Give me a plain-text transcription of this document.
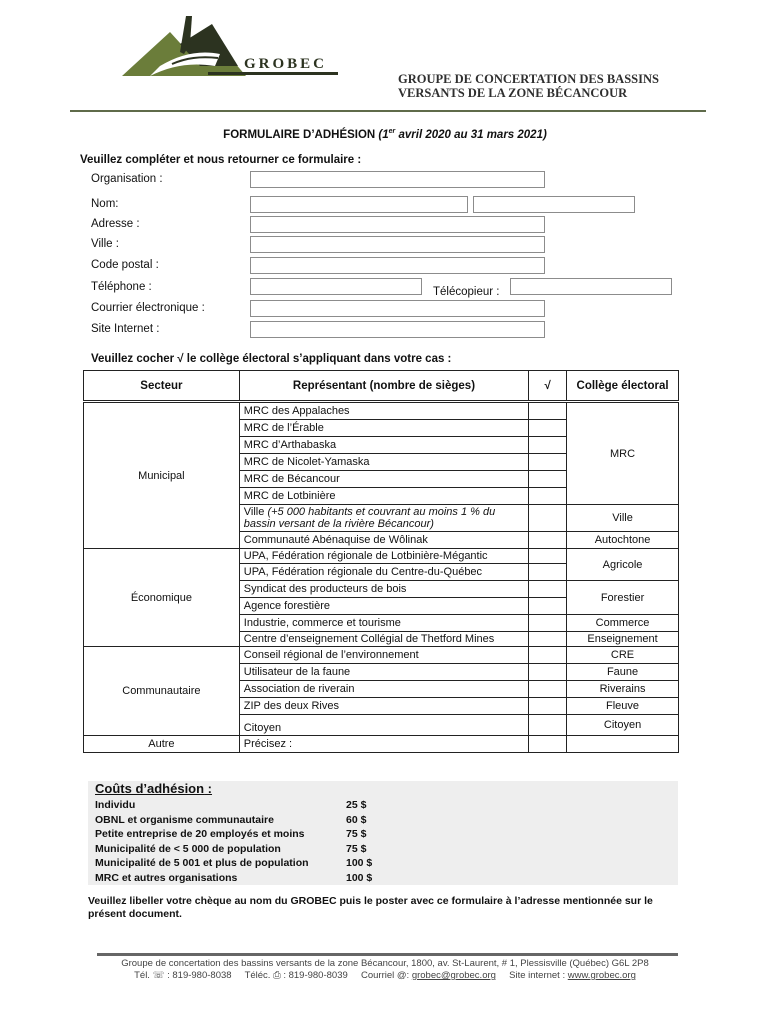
GROBEC
GROUPE DE CONCERTATION DES BASSINS
VERSANTS DE LA ZONE BÉCANCOUR
FORMULAIRE D’ADHÉSION (1er avril 2020 au 31 mars 2021)
Veuillez compléter et nous retourner ce formulaire :
Organisation :
Nom:
Adresse :
Ville :
Code postal :
Téléphone :	Télécopieur :
Courrier électronique :
Site Internet :
Veuillez cocher √ le collège électoral s’appliquant dans votre cas :
Secteur	Représentant (nombre de sièges)	√	Collège électoral
Municipal	MRC des Appalaches		MRC
	MRC de l’Érable		
	MRC d’Arthabaska		
	MRC de Nicolet-Yamaska		
	MRC de Bécancour		
	MRC de Lotbinière		
	Ville (+5 000 habitants et couvrant au moins 1 % du bassin versant de la rivière Bécancour)		Ville
	Communauté Abénaquise de Wôlinak		Autochtone
Économique	UPA, Fédération régionale de Lotbinière-Mégantic		Agricole
	UPA, Fédération régionale du Centre-du-Québec		
	Syndicat des producteurs de bois		Forestier
	Agence forestière		
	Industrie, commerce et tourisme		Commerce
	Centre d’enseignement Collégial de Thetford Mines		Enseignement
Communautaire	Conseil régional de l’environnement		CRE
	Utilisateur de la faune		Faune
	Association de riverain		Riverains
	ZIP des deux Rives		Fleuve
	Citoyen		Citoyen
Autre	Précisez :		
Coûts d’adhésion :
Individu	25 $
OBNL et organisme communautaire	60 $
Petite entreprise de 20 employés et moins	75 $
Municipalité de < 5 000 de population	75 $
Municipalité de 5 001 et plus de population	100 $
MRC et autres organisations	100 $
Veuillez libeller votre chèque au nom du GROBEC puis le poster avec ce formulaire à l’adresse mentionnée sur le présent document.
Groupe de concertation des bassins versants de la zone Bécancour, 1800, av. St-Laurent, # 1, Plessisville (Québec) G6L 2P8
Tél. ☏ : 819-980-8038 Téléc. ⎙ : 819-980-8039 Courriel @: grobec@grobec.org Site internet : www.grobec.org
